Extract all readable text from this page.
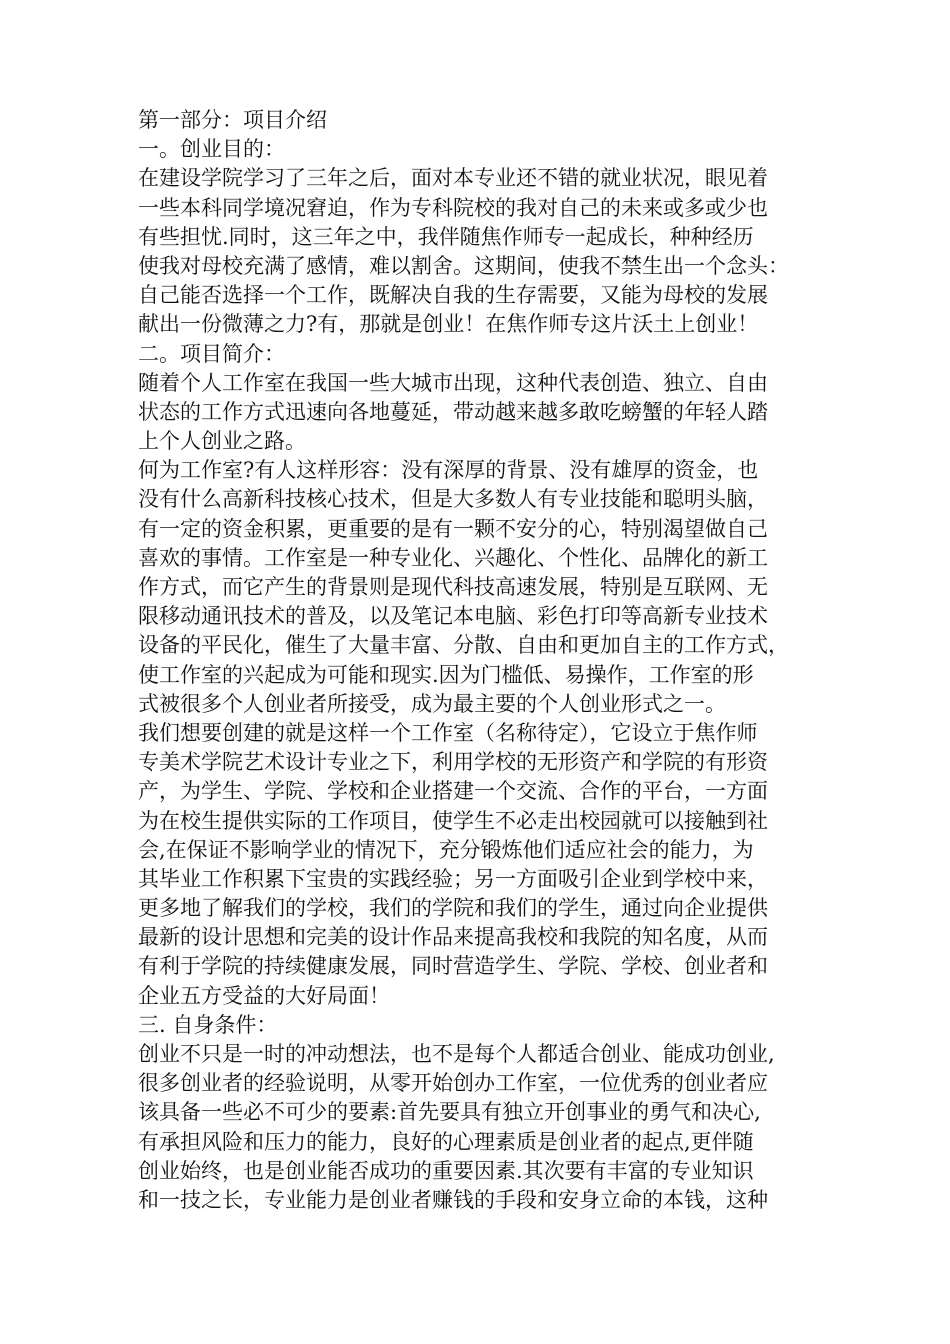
第一部分：项目介绍
一。创业目的：
在建设学院学习了三年之后，面对本专业还不错的就业状况，眼见着
一些本科同学境况窘迫，作为专科院校的我对自己的未来或多或少也
有些担忧.同时，这三年之中，我伴随焦作师专一起成长，种种经历
使我对母校充满了感情，难以割舍。这期间，使我不禁生出一个念头：
自己能否选择一个工作，既解决自我的生存需要，又能为母校的发展
献出一份微薄之力?有，那就是创业！在焦作师专这片沃土上创业！
二。项目简介：
随着个人工作室在我国一些大城市出现，这种代表创造、独立、自由
状态的工作方式迅速向各地蔓延，带动越来越多敢吃螃蟹的年轻人踏
上个人创业之路。
何为工作室?有人这样形容：没有深厚的背景、没有雄厚的资金，也
没有什么高新科技核心技术，但是大多数人有专业技能和聪明头脑，
有一定的资金积累，更重要的是有一颗不安分的心，特别渴望做自己
喜欢的事情。工作室是一种专业化、兴趣化、个性化、品牌化的新工
作方式，而它产生的背景则是现代科技高速发展，特别是互联网、无
限移动通讯技术的普及，以及笔记本电脑、彩色打印等高新专业技术
设备的平民化，催生了大量丰富、分散、自由和更加自主的工作方式，
使工作室的兴起成为可能和现实.因为门槛低、易操作，工作室的形
式被很多个人创业者所接受，成为最主要的个人创业形式之一。
我们想要创建的就是这样一个工作室（名称待定），它设立于焦作师
专美术学院艺术设计专业之下，利用学校的无形资产和学院的有形资
产，为学生、学院、学校和企业搭建一个交流、合作的平台，一方面
为在校生提供实际的工作项目，使学生不必走出校园就可以接触到社
会,在保证不影响学业的情况下，充分锻炼他们适应社会的能力，为
其毕业工作积累下宝贵的实践经验；另一方面吸引企业到学校中来，
更多地了解我们的学校，我们的学院和我们的学生，通过向企业提供
最新的设计思想和完美的设计作品来提高我校和我院的知名度，从而
有利于学院的持续健康发展，同时营造学生、学院、学校、创业者和
企业五方受益的大好局面！
三. 自身条件：
创业不只是一时的冲动想法，也不是每个人都适合创业、能成功创业,
很多创业者的经验说明，从零开始创办工作室，一位优秀的创业者应
该具备一些必不可少的要素:首先要具有独立开创事业的勇气和决心,
有承担风险和压力的能力，良好的心理素质是创业者的起点,更伴随
创业始终，也是创业能否成功的重要因素.其次要有丰富的专业知识
和一技之长，专业能力是创业者赚钱的手段和安身立命的本钱，这种
